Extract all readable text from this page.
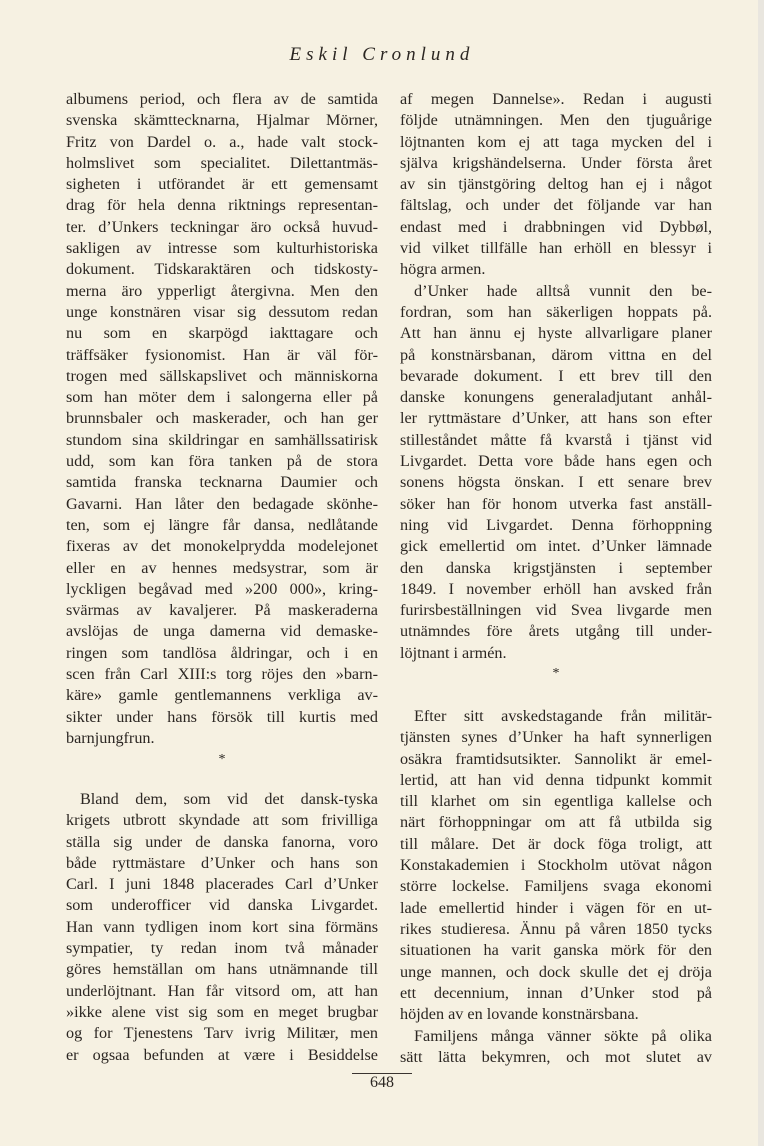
Eskil Cronlund
albumens period, och flera av de samtida
svenska skämttecknarna, Hjalmar Mörner,
Fritz von Dardel o. a., hade valt stock-
holmslivet som specialitet. Dilettantmäs-
sigheten i utförandet är ett gemensamt
drag för hela denna riktnings representan-
ter. d’Unkers teckningar äro också huvud-
sakligen av intresse som kulturhistoriska
dokument. Tidskaraktären och tidskosty-
merna äro ypperligt återgivna. Men den
unge konstnären visar sig dessutom redan
nu som en skarpögd iakttagare och
träffsäker fysionomist. Han är väl för-
trogen med sällskapslivet och människorna
som han möter dem i salongerna eller på
brunnsbaler och maskerader, och han ger
stundom sina skildringar en samhällssatirisk
udd, som kan föra tanken på de stora
samtida franska tecknarna Daumier och
Gavarni. Han låter den bedagade skönhe-
ten, som ej längre får dansa, nedlåtande
fixeras av det monokelprydda modelejonet
eller en av hennes medsystrar, som är
lyckligen begåvad med »200 000», kring-
svärmas av kavaljerer. På maskeraderna
avslöjas de unga damerna vid demaske-
ringen som tandlösa åldringar, och i en
scen från Carl XIII:s torg röjes den »barn-
käre» gamle gentlemannens verkliga av-
sikter under hans försök till kurtis med
barnjungfrun.
*
Bland dem, som vid det dansk-tyska
krigets utbrott skyndade att som frivilliga
ställa sig under de danska fanorna, voro
både ryttmästare d’Unker och hans son
Carl. I juni 1848 placerades Carl d’Unker
som underofficer vid danska Livgardet.
Han vann tydligen inom kort sina förmäns
sympatier, ty redan inom två månader
göres hemställan om hans utnämnande till
underlöjtnant. Han får vitsord om, att han
»ikke alene vist sig som en meget brugbar
og for Tjenestens Tarv ivrig Militær, men
er ogsaa befunden at være i Besiddelse
af megen Dannelse». Redan i augusti
följde utnämningen. Men den tjuguårige
löjtnanten kom ej att taga mycken del i
själva krigshändelserna. Under första året
av sin tjänstgöring deltog han ej i något
fältslag, och under det följande var han
endast med i drabbningen vid Dybbøl,
vid vilket tillfälle han erhöll en blessyr i
högra armen.
d’Unker hade alltså vunnit den be-
fordran, som han säkerligen hoppats på.
Att han ännu ej hyste allvarligare planer
på konstnärsbanan, därom vittna en del
bevarade dokument. I ett brev till den
danske konungens generaladjutant anhål-
ler ryttmästare d’Unker, att hans son efter
stilleståndet måtte få kvarstå i tjänst vid
Livgardet. Detta vore både hans egen och
sonens högsta önskan. I ett senare brev
söker han för honom utverka fast anställ-
ning vid Livgardet. Denna förhoppning
gick emellertid om intet. d’Unker lämnade
den danska krigstjänsten i september
1849. I november erhöll han avsked från
furirsbeställningen vid Svea livgarde men
utnämndes före årets utgång till under-
löjtnant i armén.
*
Efter sitt avskedstagande från militär-
tjänsten synes d’Unker ha haft synnerligen
osäkra framtidsutsikter. Sannolikt är emel-
lertid, att han vid denna tidpunkt kommit
till klarhet om sin egentliga kallelse och
närt förhoppningar om att få utbilda sig
till målare. Det är dock föga troligt, att
Konstakademien i Stockholm utövat någon
större lockelse. Familjens svaga ekonomi
lade emellertid hinder i vägen för en ut-
rikes studieresa. Ännu på våren 1850 tycks
situationen ha varit ganska mörk för den
unge mannen, och dock skulle det ej dröja
ett decennium, innan d’Unker stod på
höjden av en lovande konstnärsbana.
Familjens många vänner sökte på olika
sätt lätta bekymren, och mot slutet av
648
